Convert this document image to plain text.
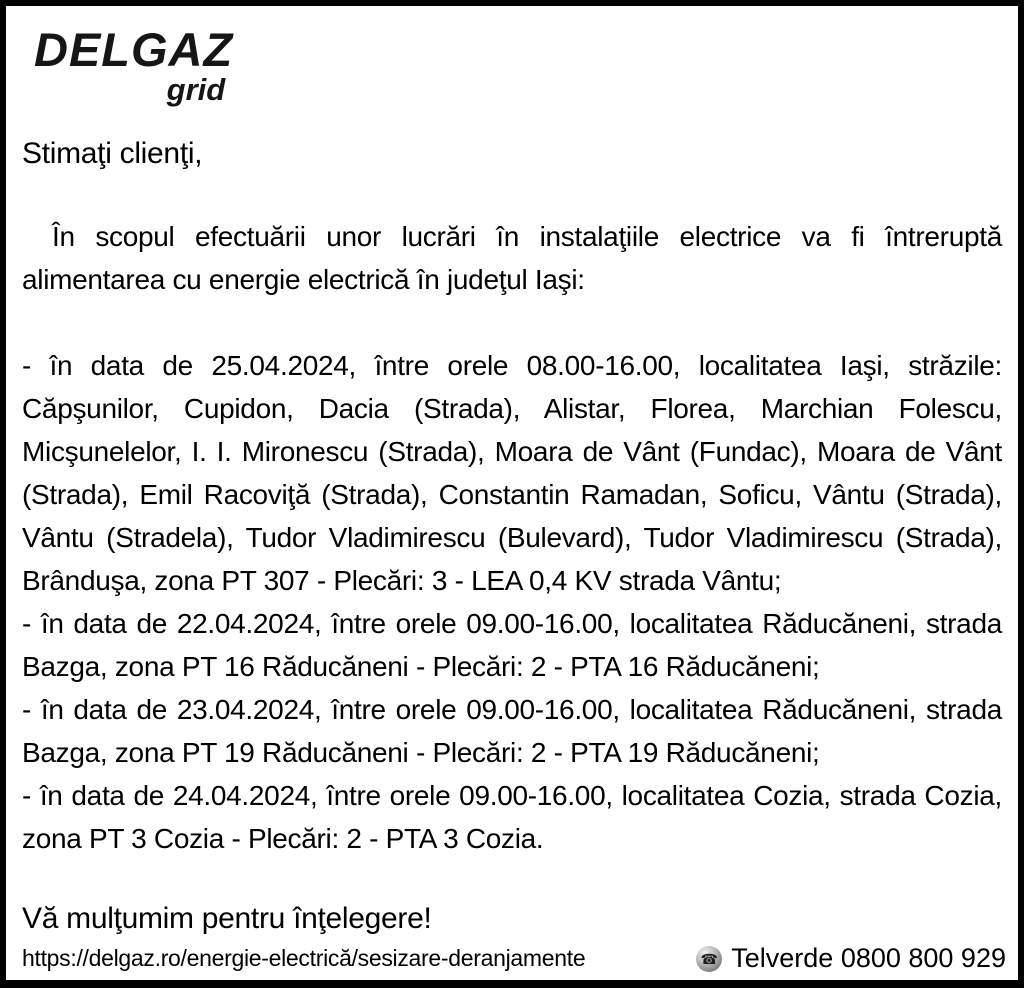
DELGAZ
grid
Stimaţi clienţi,

În scopul efectuării unor lucrări în instalaţiile electrice va fi întreruptă alimentarea cu energie electrică în judeţul Iaşi:

- în data de 25.04.2024, între orele 08.00-16.00, localitatea Iaşi, străzile: Căpşunilor, Cupidon, Dacia (Strada), Alistar, Florea, Marchian Folescu, Micşunelelor, I. I. Mironescu (Strada), Moara de Vânt (Fundac), Moara de Vânt (Strada), Emil Racoviţă (Strada), Constantin Ramadan, Soficu, Vântu (Strada), Vântu (Stradela), Tudor Vladimirescu (Bulevard), Tudor Vladimirescu (Strada), Brânduşa, zona PT 307 - Plecări: 3 - LEA 0,4 KV strada Vântu;

- în data de 22.04.2024, între orele 09.00-16.00, localitatea Răducăneni, strada Bazga, zona PT 16 Răducăneni - Plecări: 2 - PTA 16 Răducăneni;

- în data de 23.04.2024, între orele 09.00-16.00, localitatea Răducăneni, strada Bazga, zona PT 19 Răducăneni - Plecări: 2 - PTA 19 Răducăneni;

- în data de 24.04.2024, între orele 09.00-16.00, localitatea Cozia, strada Cozia, zona PT 3 Cozia - Plecări: 2 - PTA 3 Cozia.

Vă mulţumim pentru înţelegere!
https://delgaz.ro/energie-electrică/sesizare-deranjamente	☎ Telverde 0800 800 929
